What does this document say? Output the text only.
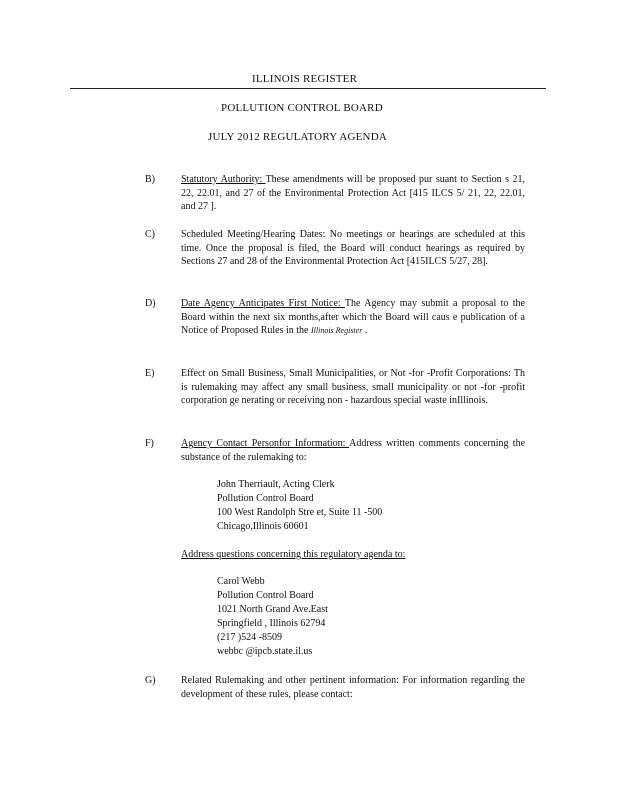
ILLINOIS REGISTER
POLLUTION CONTROL BOARD
JULY 2012 REGULATORY AGENDA
B)	Statutory Authority: These amendments will be proposed pur suant to Section s 21, 22, 22.01, and 27 of the Environmental Protection Act [415 ILCS 5/ 21, 22, 22.01, and 27 ].
C)	Scheduled Meeting/Hearing Dates: No meetings or hearings are scheduled at this time. Once the proposal is filed, the Board will conduct hearings as required by Sections 27 and 28 of the Environmental Protection Act [415ILCS 5/27, 28].
D)	Date Agency Anticipates First Notice: The Agency may submit a proposal to the Board within the next six months,after which the Board will caus e publication of a Notice of Proposed Rules in the Illinois Register .
E)	Effect on Small Business, Small Municipalities, or Not -for -Profit Corporations: Th is rulemaking may affect any small business, small municipality or not -for -profit corporation ge nerating or receiving non - hazardous special waste inIllinois.
F)	Agency Contact Personfor Information: Address written comments concerning the substance of the rulemaking to:
John Therriault, Acting Clerk
Pollution Control Board
100 West Randolph Stre et, Suite 11 -500
Chicago,Illinois 60601
Address questions concerning this regulatory agenda to:
Carol Webb
Pollution Control Board
1021 North Grand Ave.East
Springfield , Illinois 62794
(217 )524 -8509
webbc @ipcb.state.il.us
G)	Related Rulemaking and other pertinent information: For information regarding the development of these rules, please contact:
